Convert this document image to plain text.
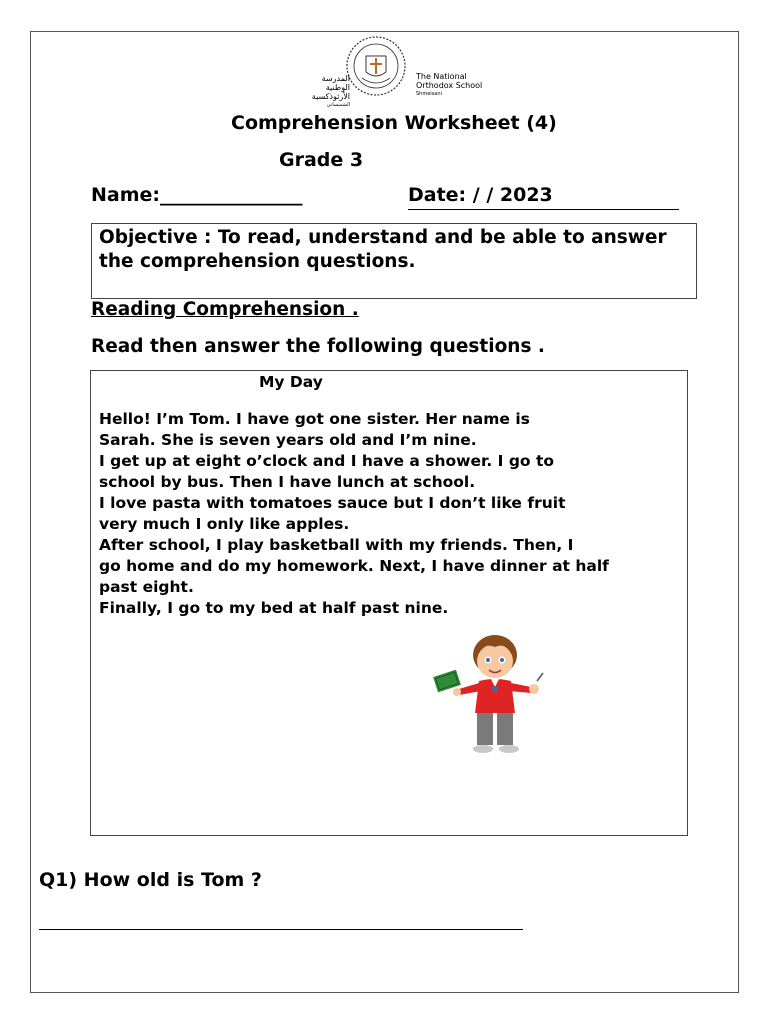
المدرسة
الوطنية الأرثوذكسية
الشميساني
The National
Orthodox School
Shmeisani
Comprehension Worksheet (4)
Grade 3
Name:_______________	Date: / / 2023
Objective : To read, understand and be able to answer the comprehension questions.
Reading Comprehension .
Read then answer the following questions .
My Day

Hello! I’m Tom. I have got one sister. Her name is

Sarah. She is seven years old and I’m nine.

I get up at eight o’clock and I have a shower. I go to

school by bus. Then I have lunch at school.

I love pasta with tomatoes sauce but I don’t like fruit

very much I only like apples.

After school, I play basketball with my friends. Then, I

go home and do my homework. Next, I have dinner at half

past eight.

Finally, I go to my bed at half past nine.

Q1) How old is Tom ?
